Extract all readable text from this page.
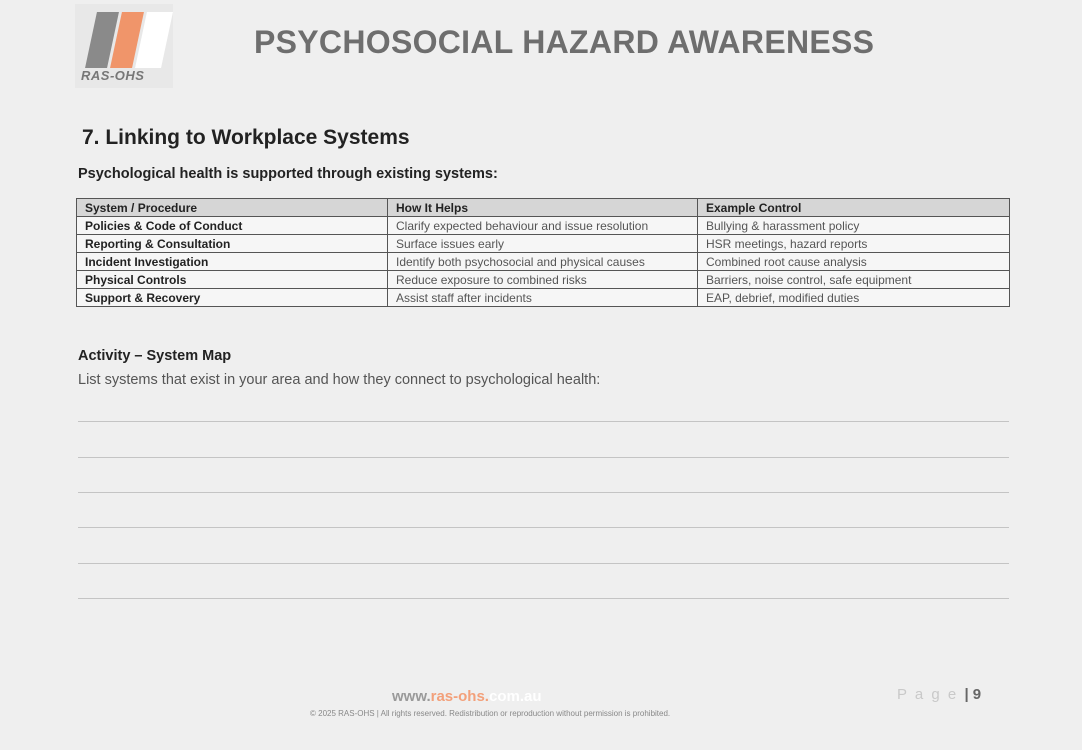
RAS-OHS
PSYCHOSOCIAL HAZARD AWARENESS
7. Linking to Workplace Systems
Psychological health is supported through existing systems:
System / Procedure	How It Helps	Example Control
Policies & Code of Conduct	Clarify expected behaviour and issue resolution	Bullying & harassment policy
Reporting & Consultation	Surface issues early	HSR meetings, hazard reports
Incident Investigation	Identify both psychosocial and physical causes	Combined root cause analysis
Physical Controls	Reduce exposure to combined risks	Barriers, noise control, safe equipment
Support & Recovery	Assist staff after incidents	EAP, debrief, modified duties
Activity – System Map
List systems that exist in your area and how they connect to psychological health:
www.ras-ohs.com.au	P a g e | 9
© 2025 RAS-OHS | All rights reserved. Redistribution or reproduction without permission is prohibited.
